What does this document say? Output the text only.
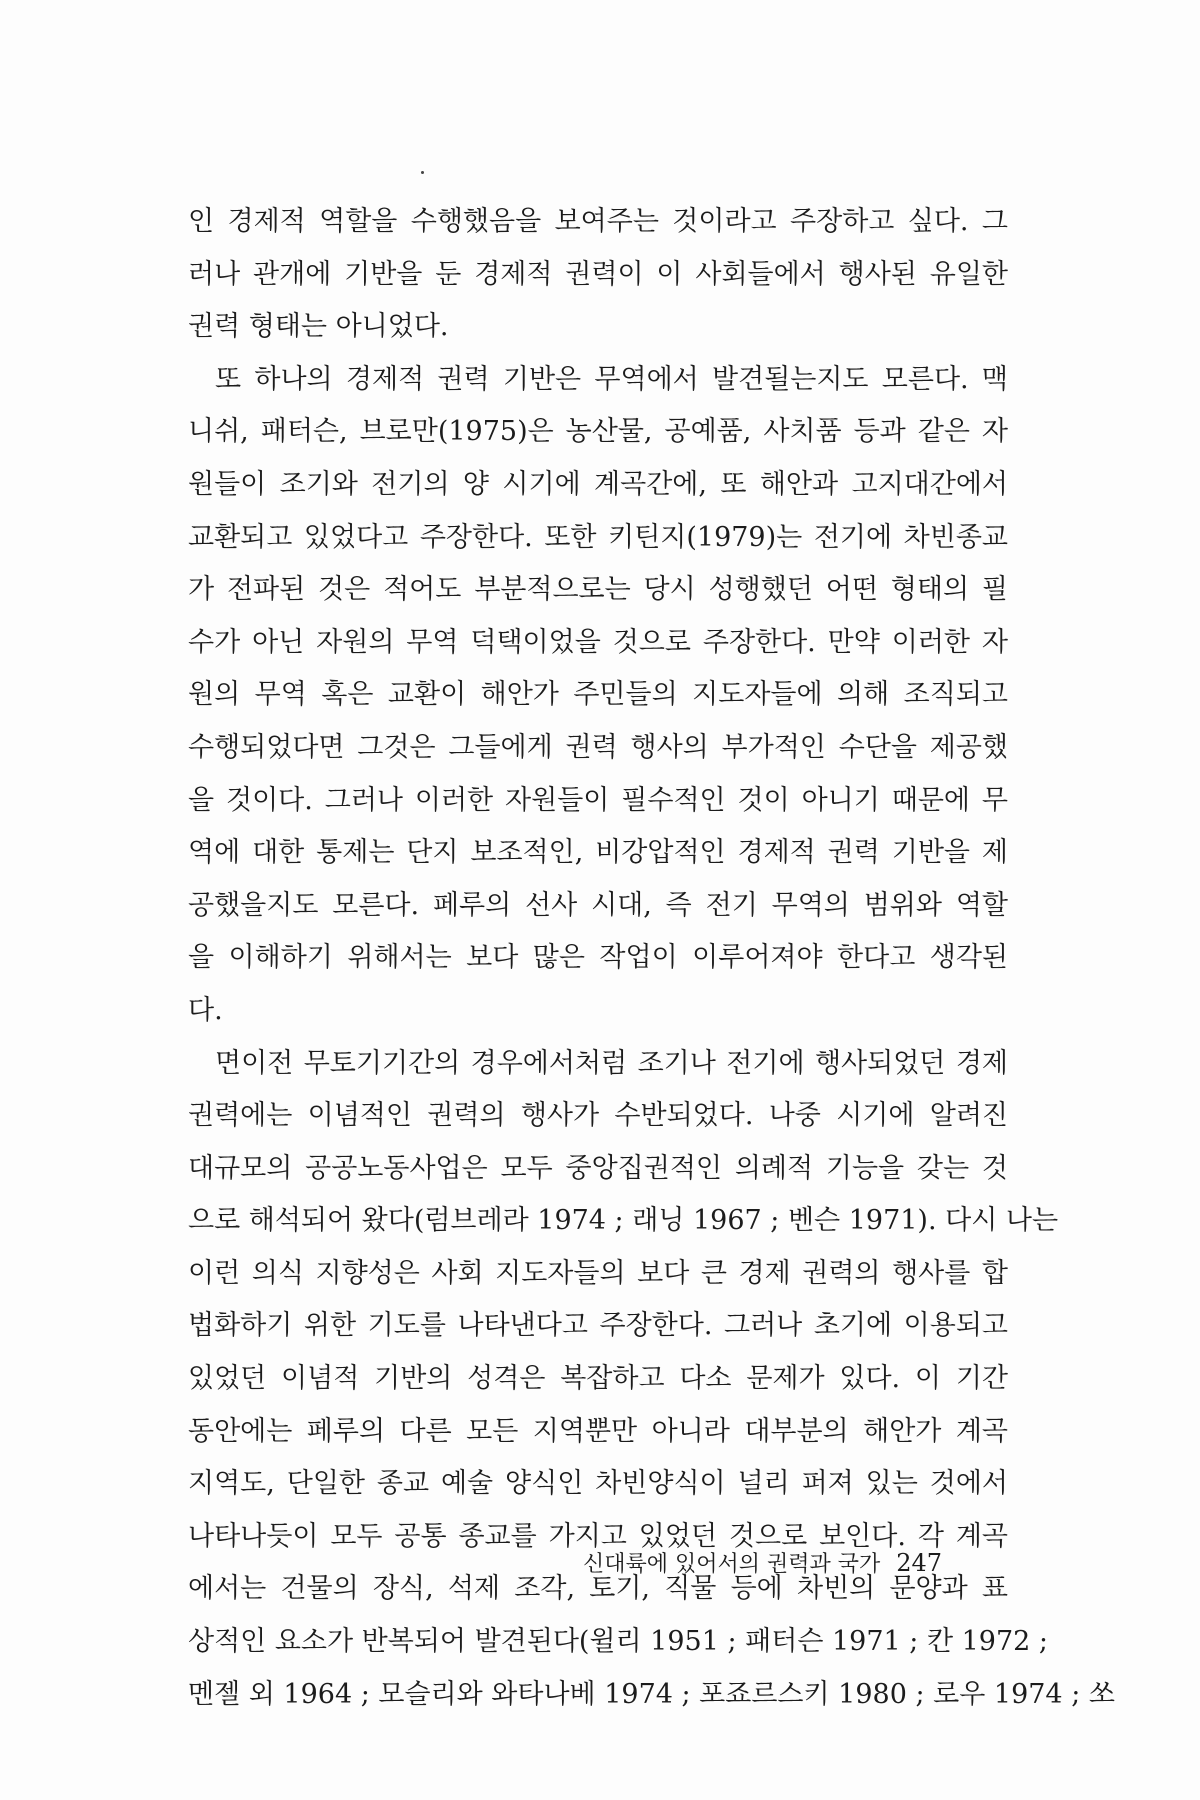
인 경제적 역할을 수행했음을 보여주는 것이라고 주장하고 싶다. 그
러나 관개에 기반을 둔 경제적 권력이 이 사회들에서 행사된 유일한
권력 형태는 아니었다.
또 하나의 경제적 권력 기반은 무역에서 발견될는지도 모른다. 맥
니쉬, 패터슨, 브로만(1975)은 농산물, 공예품, 사치품 등과 같은 자
원들이 조기와 전기의 양 시기에 계곡간에, 또 해안과 고지대간에서
교환되고 있었다고 주장한다. 또한 키틴지(1979)는 전기에 차빈종교
가 전파된 것은 적어도 부분적으로는 당시 성행했던 어떤 형태의 필
수가 아닌 자원의 무역 덕택이었을 것으로 주장한다. 만약 이러한 자
원의 무역 혹은 교환이 해안가 주민들의 지도자들에 의해 조직되고
수행되었다면 그것은 그들에게 권력 행사의 부가적인 수단을 제공했
을 것이다. 그러나 이러한 자원들이 필수적인 것이 아니기 때문에 무
역에 대한 통제는 단지 보조적인, 비강압적인 경제적 권력 기반을 제
공했을지도 모른다. 페루의 선사 시대, 즉 전기 무역의 범위와 역할
을 이해하기 위해서는 보다 많은 작업이 이루어져야 한다고 생각된
다.
면이전 무토기기간의 경우에서처럼 조기나 전기에 행사되었던 경제
권력에는 이념적인 권력의 행사가 수반되었다. 나중 시기에 알려진
대규모의 공공노동사업은 모두 중앙집권적인 의례적 기능을 갖는 것
으로 해석되어 왔다(럼브레라 1974 ; 래닝 1967 ; 벤슨 1971). 다시 나는
이런 의식 지향성은 사회 지도자들의 보다 큰 경제 권력의 행사를 합
법화하기 위한 기도를 나타낸다고 주장한다. 그러나 초기에 이용되고
있었던 이념적 기반의 성격은 복잡하고 다소 문제가 있다. 이 기간
동안에는 페루의 다른 모든 지역뿐만 아니라 대부분의 해안가 계곡
지역도, 단일한 종교 예술 양식인 차빈양식이 널리 퍼져 있는 것에서
나타나듯이 모두 공통 종교를 가지고 있었던 것으로 보인다. 각 계곡
에서는 건물의 장식, 석제 조각, 토기, 직물 등에 차빈의 문양과 표
상적인 요소가 반복되어 발견된다(윌리 1951 ; 패터슨 1971 ; 칸 1972 ;
멘젤 외 1964 ; 모슬리와 와타나베 1974 ; 포죠르스키 1980 ; 로우 1974 ; 쏘
신대륙에 있어서의 권력과 국가 247
